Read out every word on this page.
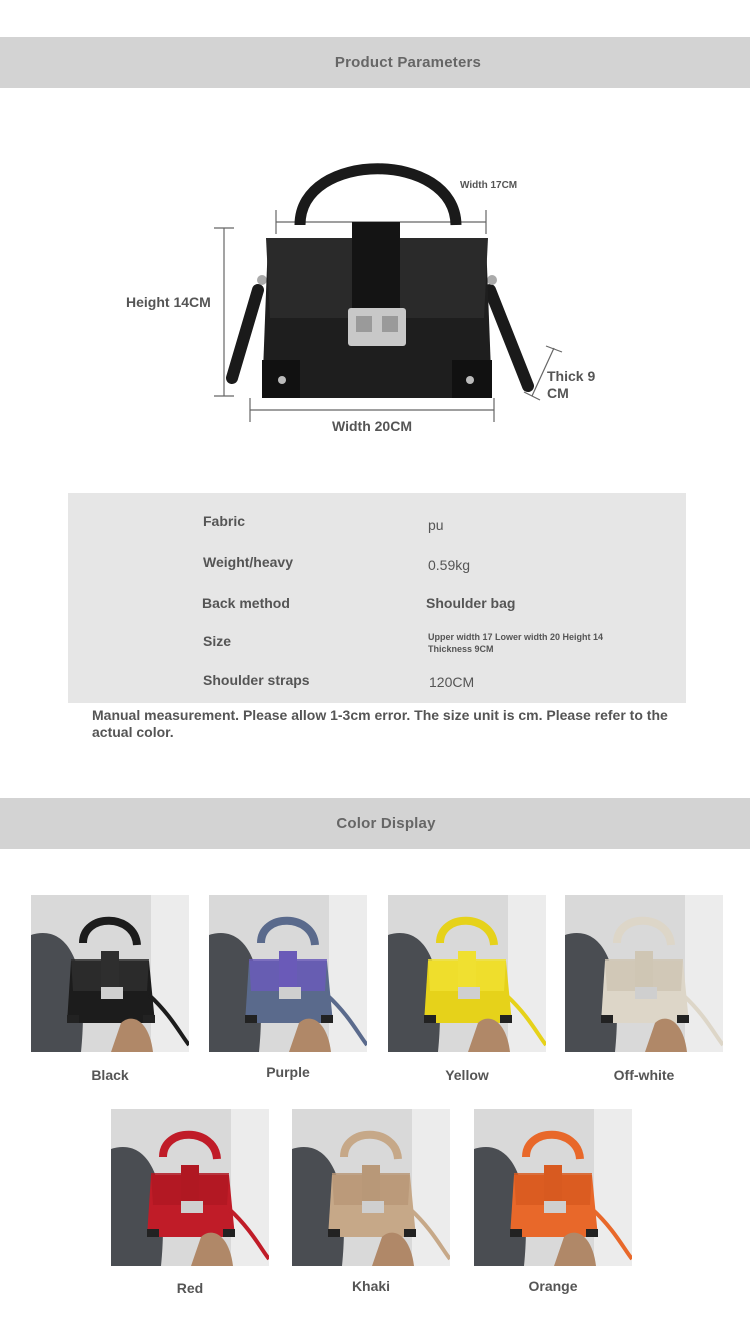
Product Parameters
Height 14CM
Width 17CM
Width 20CM
Thick 9 CM
Fabric	pu
Weight/heavy	0.59kg
Back method	Shoulder bag
Size	Upper width 17 Lower width 20 Height 14 Thickness 9CM
Shoulder straps	120CM
Manual measurement. Please allow 1-3cm error. The size unit is cm. Please refer to the actual color.
Color Display
Black	Purple	Yellow	Off-white
Red	Khaki	Orange
